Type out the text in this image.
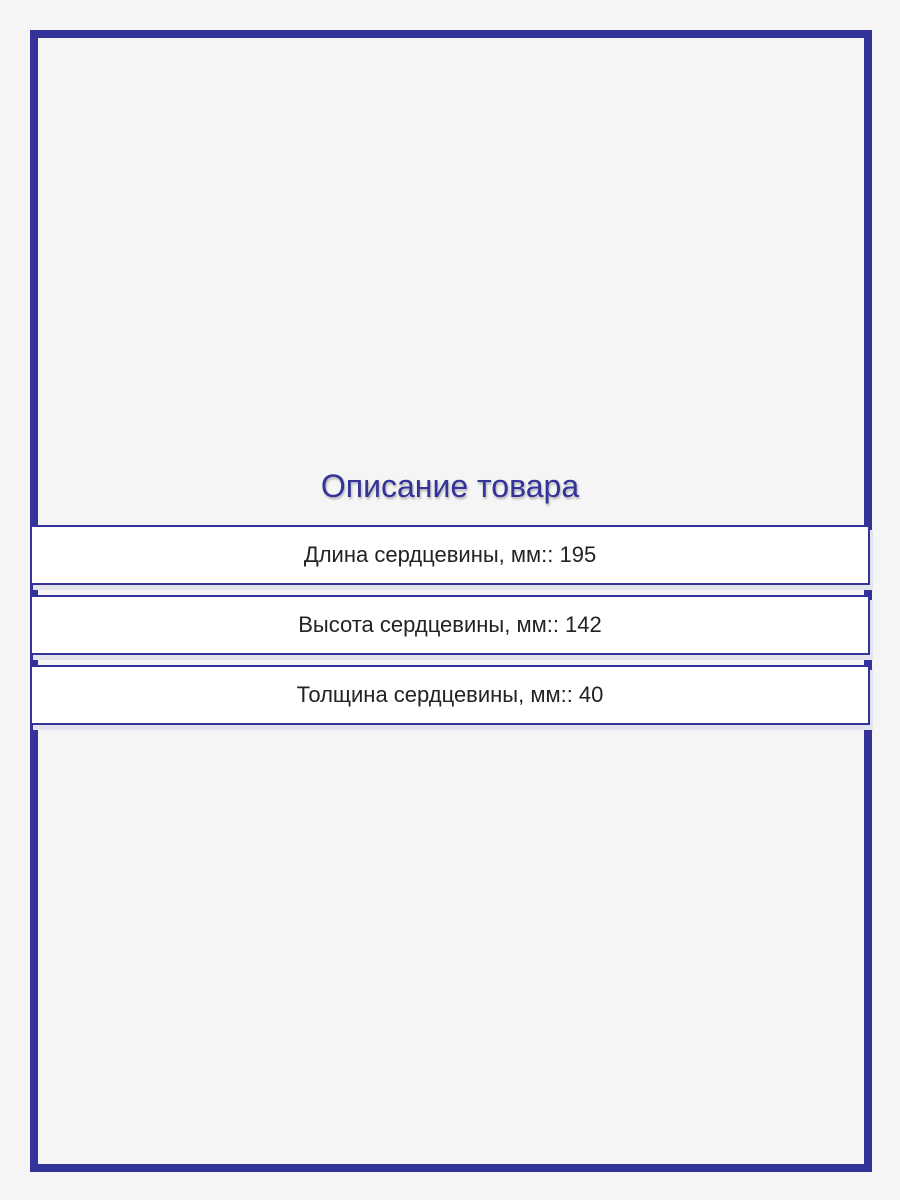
Описание товара
Длина сердцевины, мм:: 195
Высота сердцевины, мм:: 142
Толщина сердцевины, мм:: 40
